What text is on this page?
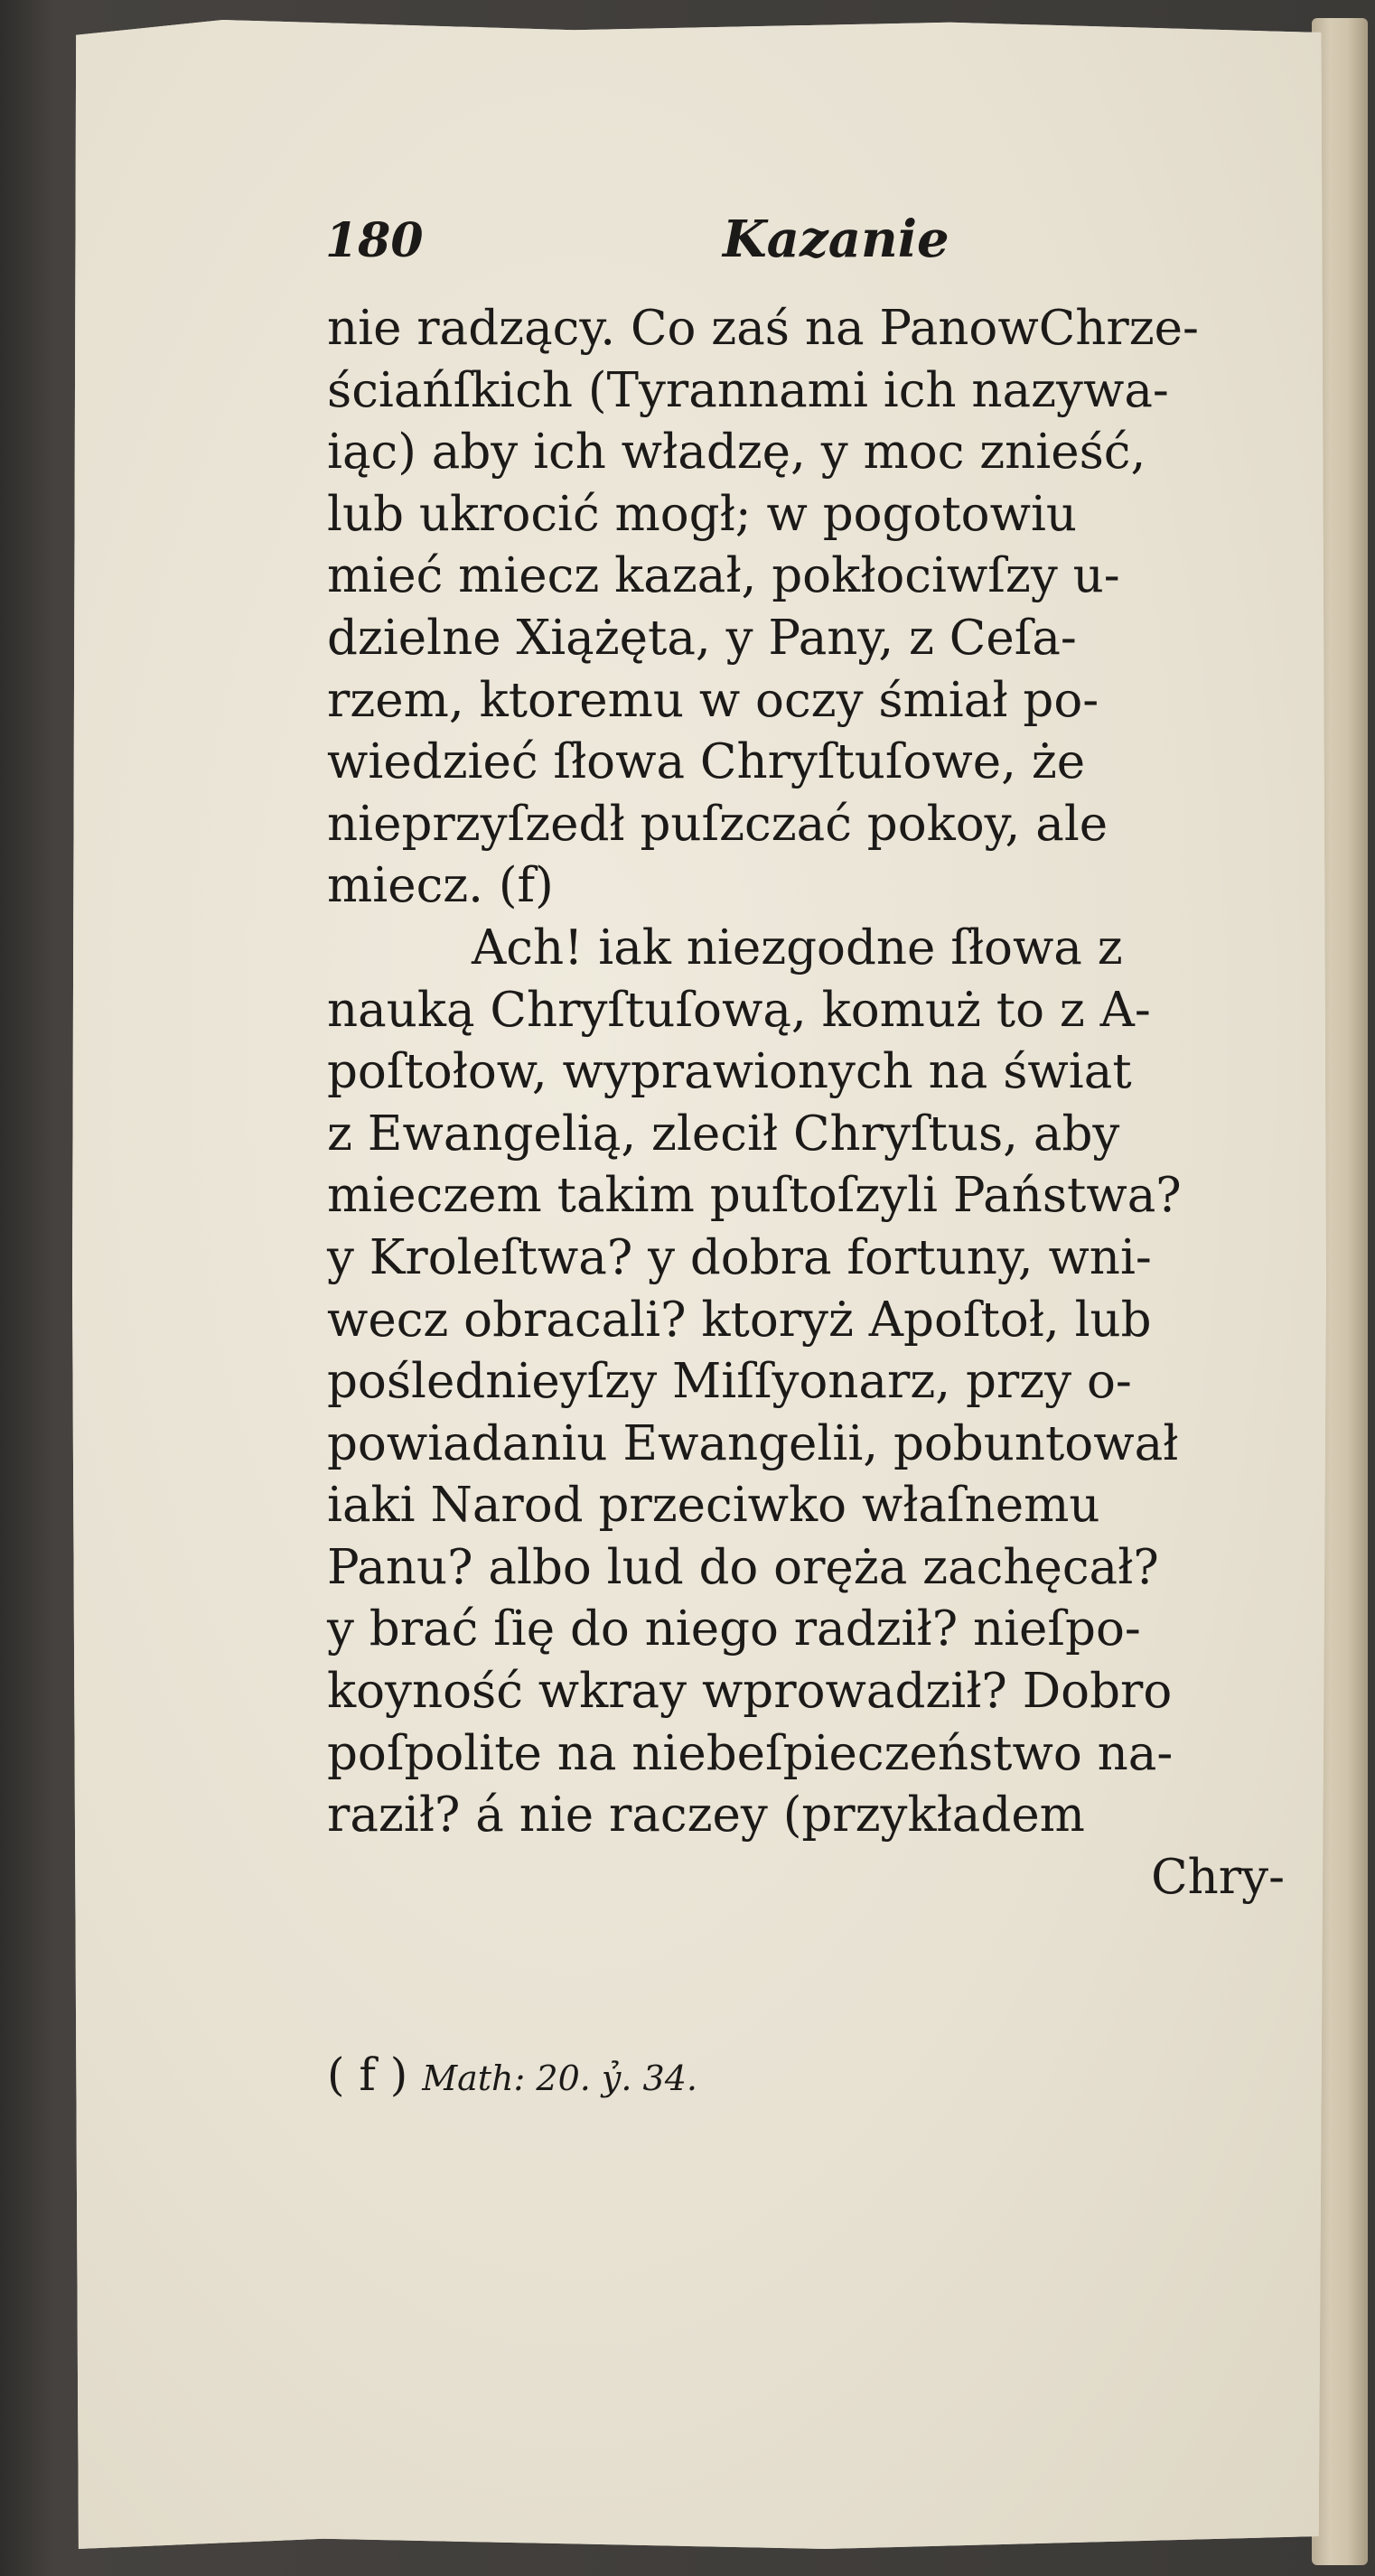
180	Kazanie
nie radzący. Co zaś na PanowChrze-
ściańſkich (Tyrannami ich nazywa-
iąc) aby ich władzę, y moc znieść,
lub ukrocić mogł; w pogotowiu
mieć miecz kazał, pokłociwſzy u-
dzielne Xiążęta, y Pany, z Ceſa-
rzem, ktoremu w oczy śmiał po-
wiedzieć ſłowa Chryſtuſowe, że
nieprzyſzedł puſzczać pokoy, ale
miecz. (f)
Ach! iak niezgodne ſłowa z
nauką Chryſtuſową, komuż to z A-
poſtołow, wyprawionych na świat
z Ewangelią, zlecił Chryſtus, aby
mieczem takim puſtoſzyli Państwa?
y Kroleſtwa? y dobra fortuny, wni-
wecz obracali? ktoryż Apoſtoł, lub
poślednieyſzy Miſſyonarz, przy o-
powiadaniu Ewangelii, pobuntował
iaki Narod przeciwko właſnemu
Panu? albo lud do oręża zachęcał?
y brać ſię do niego radził? nieſpo-
koyność wkray wprowadził? Dobro
poſpolite na niebeſpieczeństwo na-
raził? á nie raczey (przykładem
Chry-
( f ) Math: 20. ỷ. 34.
